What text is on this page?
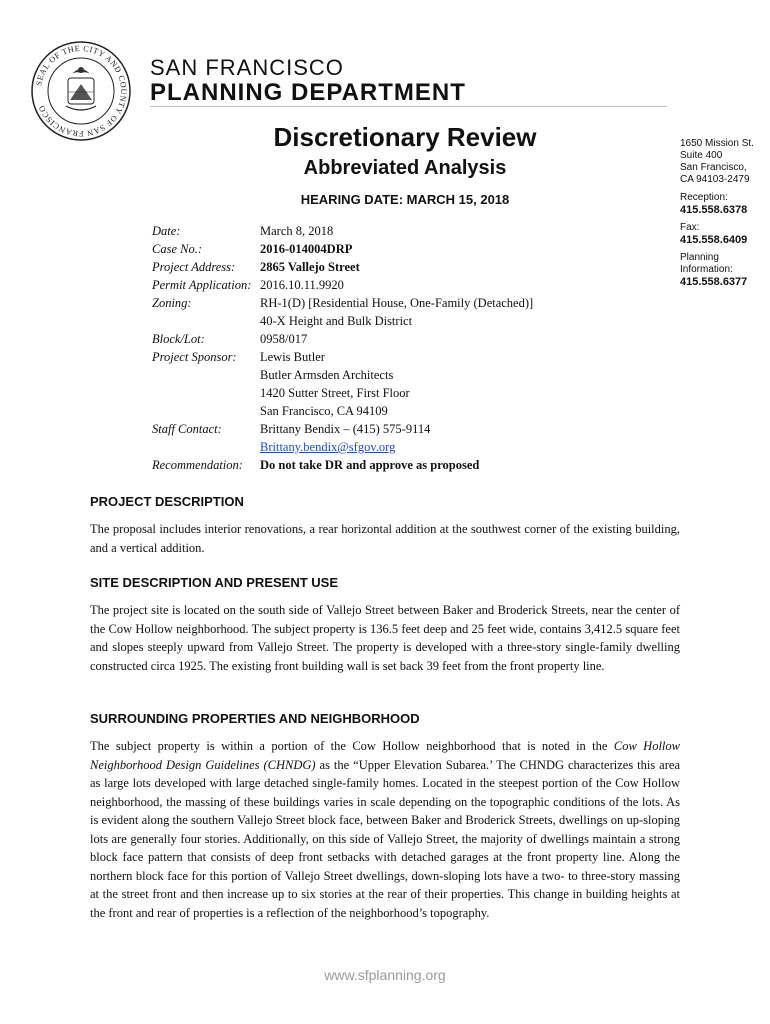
SEAL OF THE CITY AND COUNTY OF SAN FRANCISCO
SAN FRANCISCO
PLANNING DEPARTMENT
Discretionary Review
Abbreviated Analysis
HEARING DATE: MARCH 15, 2018
1650 Mission St.
Suite 400
San Francisco,
CA 94103-2479
Reception:
415.558.6378
Fax:
415.558.6409
Planning
Information:
415.558.6377
Date:	March 8, 2018
Case No.:	2016-014004DRP
Project Address:	2865 Vallejo Street
Permit Application:	2016.10.11.9920
Zoning:	RH-1(D) [Residential House, One-Family (Detached)]
	40-X Height and Bulk District
Block/Lot:	0958/017
Project Sponsor:	Lewis Butler
	Butler Armsden Architects
	1420 Sutter Street, First Floor
	San Francisco, CA 94109
Staff Contact:	Brittany Bendix – (415) 575-9114
	Brittany.bendix@sfgov.org
Recommendation:	Do not take DR and approve as proposed
PROJECT DESCRIPTION
The proposal includes interior renovations, a rear horizontal addition at the southwest corner of the existing building, and a vertical addition.
SITE DESCRIPTION AND PRESENT USE
The project site is located on the south side of Vallejo Street between Baker and Broderick Streets, near the center of the Cow Hollow neighborhood. The subject property is 136.5 feet deep and 25 feet wide, contains 3,412.5 square feet and slopes steeply upward from Vallejo Street. The property is developed with a three-story single-family dwelling constructed circa 1925. The existing front building wall is set back 39 feet from the front property line.
SURROUNDING PROPERTIES AND NEIGHBORHOOD
The subject property is within a portion of the Cow Hollow neighborhood that is noted in the Cow Hollow Neighborhood Design Guidelines (CHNDG) as the “Upper Elevation Subarea.’ The CHNDG characterizes this area as large lots developed with large detached single-family homes. Located in the steepest portion of the Cow Hollow neighborhood, the massing of these buildings varies in scale depending on the topographic conditions of the lots. As is evident along the southern Vallejo Street block face, between Baker and Broderick Streets, dwellings on up-sloping lots are generally four stories. Additionally, on this side of Vallejo Street, the majority of dwellings maintain a strong block face pattern that consists of deep front setbacks with detached garages at the front property line. Along the northern block face for this portion of Vallejo Street dwellings, down-sloping lots have a two- to three-story massing at the street front and then increase up to six stories at the rear of their properties. This change in building heights at the front and rear of properties is a reflection of the neighborhood’s topography.
www.sfplanning.org
